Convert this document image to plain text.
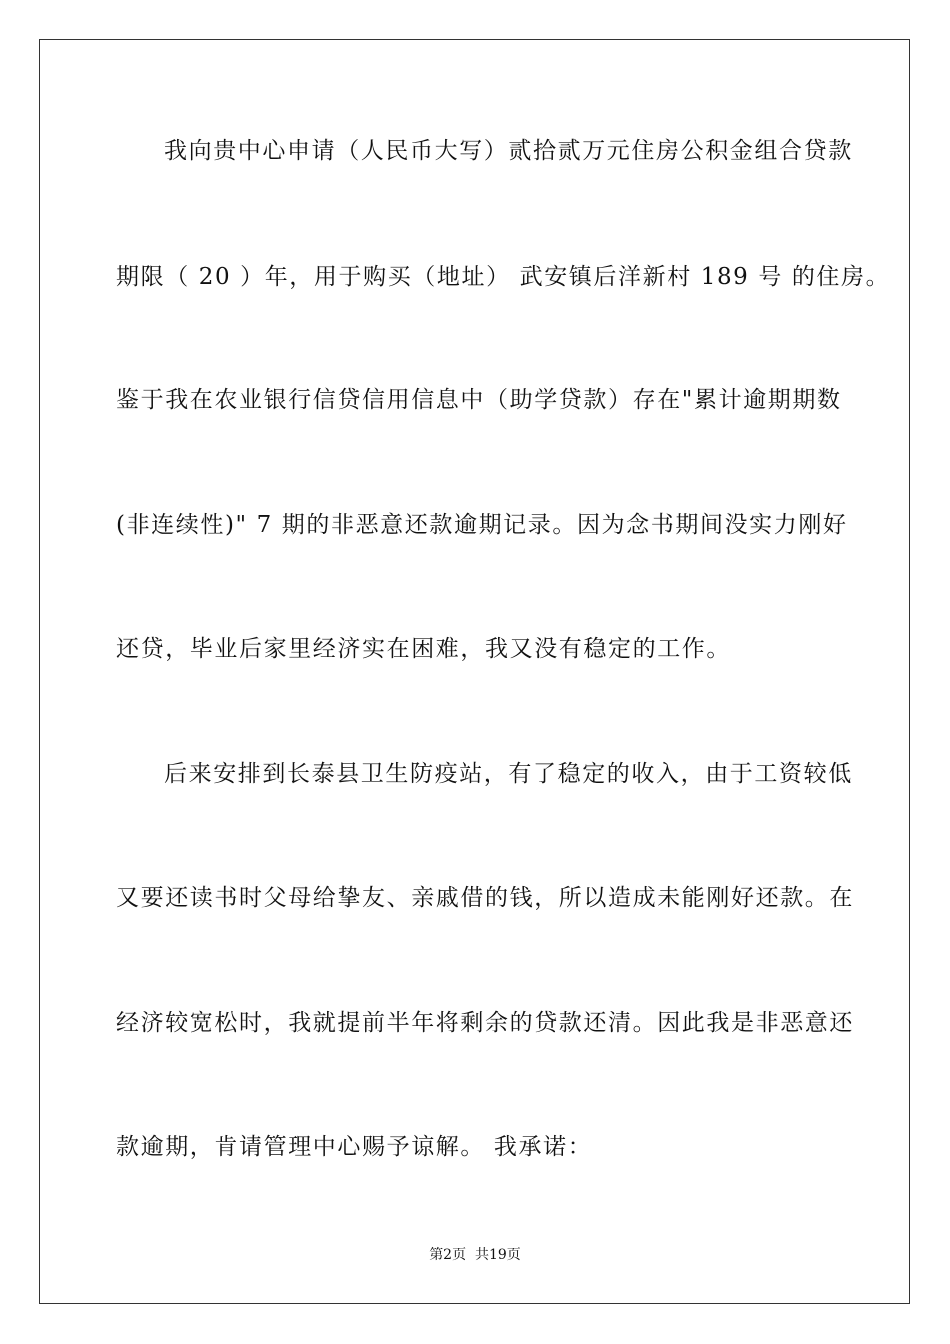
我向贵中心申请（人民币大写）贰拾贰万元住房公积金组合贷款
期限（ 20 ）年，用于购买（地址） 武安镇后洋新村 189 号 的住房。
鉴于我在农业银行信贷信用信息中（助学贷款）存在"累计逾期期数
(非连续性)" 7 期的非恶意还款逾期记录。因为念书期间没实力刚好
还贷，毕业后家里经济实在困难，我又没有稳定的工作。
后来安排到长泰县卫生防疫站，有了稳定的收入，由于工资较低
又要还读书时父母给挚友、亲戚借的钱，所以造成未能刚好还款。在
经济较宽松时，我就提前半年将剩余的贷款还清。因此我是非恶意还
款逾期，肯请管理中心赐予谅解。 我承诺：
第2页  共19页
